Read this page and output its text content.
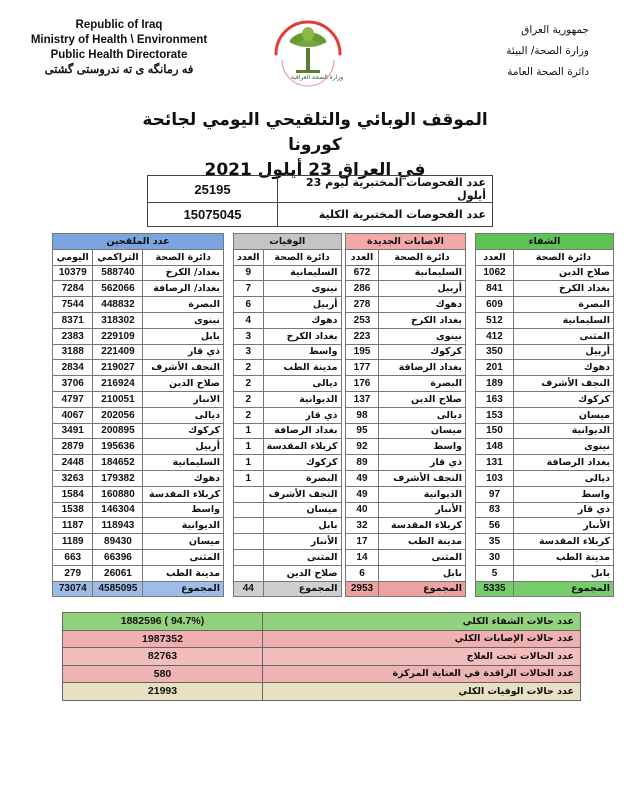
Republic of Iraq
Ministry of Health \ Environment
Public Health Directorate
فه رمانگه ى ته ندروستى گشتى
وزارة الصحة العراقية
جمهورية العراق
وزارة الصحة/ البيئة
دائرة الصحة العامة
الموقف الوبائي والتلقيحي اليومي لجائحة كورونا
في العراق 23 أيلول 2021
عدد الفحوصات المختبرية ليوم 23 أيلول	25195
عدد الفحوصات المختبرية الكلية	15075045
الشفاء	
دائرة الصحة	العدد
صلاح الدين	1062
بغداد الكرخ	841
البصرة	609
السليمانية	512
المثنى	412
أربيل	350
دهوك	201
النجف الأشرف	189
كركوك	163
ميسان	153
الديوانية	150
نينوى	148
بغداد الرصافة	131
ديالى	103
واسط	97
ذي قار	83
الأنبار	56
كربلاء المقدسة	35
مدينة الطب	30
بابل	5
المجموع	5335
الاصابات الجديدة	
دائرة الصحة	العدد
السليمانية	672
أربيل	286
دهوك	278
بغداد الكرخ	253
نينوى	223
كركوك	195
بغداد الرصافة	177
البصرة	176
صلاح الدين	137
ديالى	98
ميسان	95
واسط	92
ذي قار	89
النجف الأشرف	49
الديوانية	49
الأنبار	40
كربلاء المقدسة	32
مدينة الطب	17
المثنى	14
بابل	6
المجموع	2953
الوفيات	
دائرة الصحة	العدد
السليمانية	9
نينوى	7
أربيل	6
دهوك	4
بغداد الكرخ	3
واسط	3
مدينة الطب	2
ديالى	2
الديوانية	2
ذي قار	2
بغداد الرصافة	1
كربلاء المقدسة	1
كركوك	1
البصرة	1
النجف الأشرف	
ميسان	
بابل	
الأنبار	
المثنى	
صلاح الدين	
المجموع	44
عدد الملقحين		
دائرة الصحة	التراكمي	اليومي
بغداد/ الكرخ	588740	10379
بغداد/ الرصافة	562066	7284
البصرة	448832	7544
نينوى	318302	8371
بابل	229109	2383
ذي قار	221409	3188
النجف الأشرف	219027	2834
صلاح الدين	216924	3706
الانبار	210051	4797
ديالى	202056	4067
كركوك	200895	3491
أربيل	195636	2879
السليمانية	184652	2448
دهوك	179382	3263
كربلاء المقدسة	160880	1584
واسط	146304	1538
الديوانية	118943	1187
ميسان	89430	1189
المثنى	66396	663
مدينة الطب	26061	279
المجموع	4585095	73074
عدد حالات الشفاء الكلي	1882596 ( 94.7%)
عدد حالات الإصابات الكلي	1987352
عدد الحالات تحت العلاج	82763
عدد الحالات الراقدة في العناية المركزة	580
عدد حالات الوفيات الكلي	21993
